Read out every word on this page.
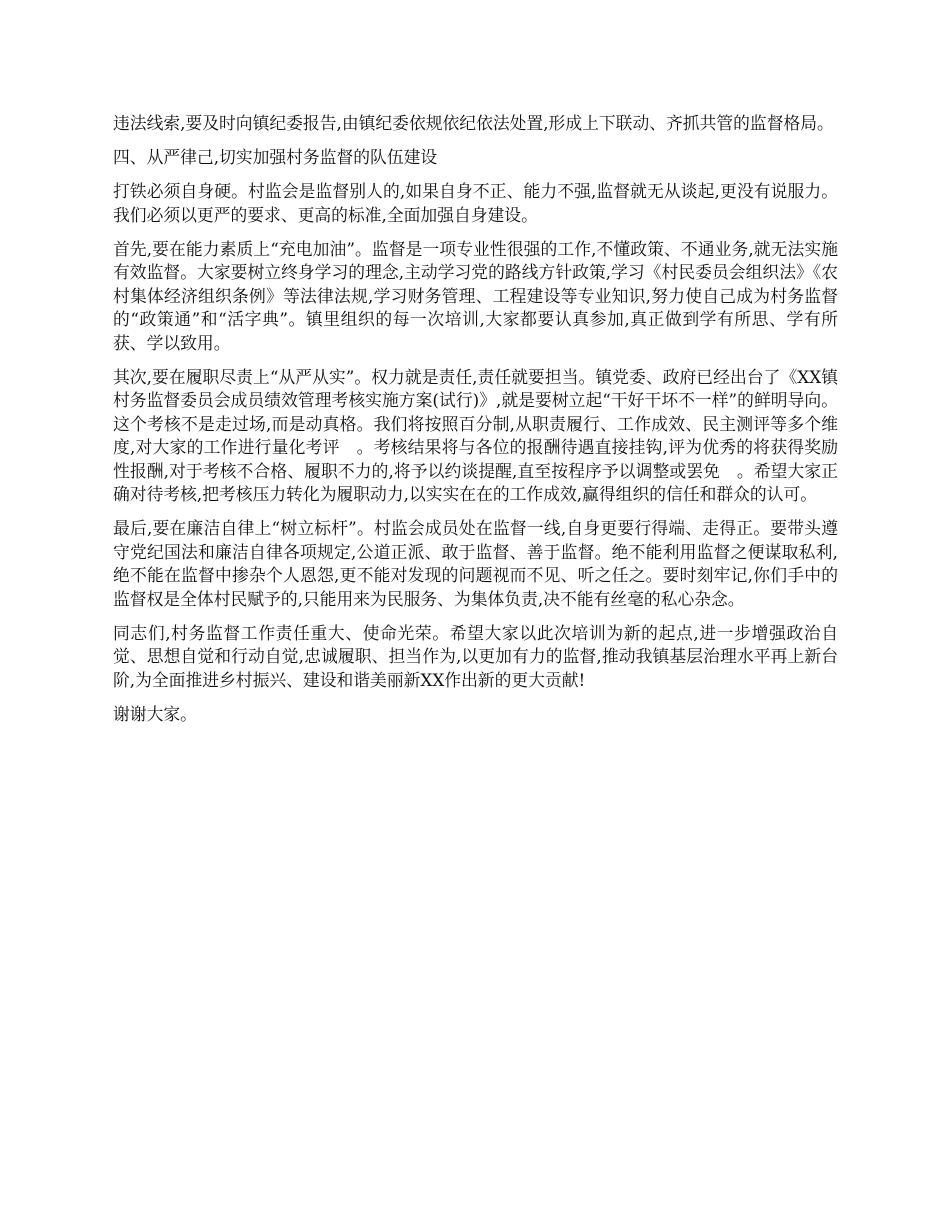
违法线索,要及时向镇纪委报告,由镇纪委依规依纪依法处置,形成上下联动、齐抓共管的监督格局。

四、从严律己,切实加强村务监督的队伍建设

打铁必须自身硬。村监会是监督别人的,如果自身不正、能力不强,监督就无从谈起,更没有说服力。我们必须以更严的要求、更高的标准,全面加强自身建设。

首先,要在能力素质上“充电加油”。监督是一项专业性很强的工作,不懂政策、不通业务,就无法实施有效监督。大家要树立终身学习的理念,主动学习党的路线方针政策,学习《村民委员会组织法》《农村集体经济组织条例》等法律法规,学习财务管理、工程建设等专业知识,努力使自己成为村务监督的“政策通”和“活字典”。镇里组织的每一次培训,大家都要认真参加,真正做到学有所思、学有所获、学以致用。

其次,要在履职尽责上“从严从实”。权力就是责任,责任就要担当。镇党委、政府已经出台了《XX镇村务监督委员会成员绩效管理考核实施方案(试行)》,就是要树立起“干好干坏不一样”的鲜明导向。这个考核不是走过场,而是动真格。我们将按照百分制,从职责履行、工作成效、民主测评等多个维度,对大家的工作进行量化考评　。考核结果将与各位的报酬待遇直接挂钩,评为优秀的将获得奖励性报酬,对于考核不合格、履职不力的,将予以约谈提醒,直至按程序予以调整或罢免　。希望大家正确对待考核,把考核压力转化为履职动力,以实实在在的工作成效,赢得组织的信任和群众的认可。

最后,要在廉洁自律上“树立标杆”。村监会成员处在监督一线,自身更要行得端、走得正。要带头遵守党纪国法和廉洁自律各项规定,公道正派、敢于监督、善于监督。绝不能利用监督之便谋取私利,绝不能在监督中掺杂个人恩怨,更不能对发现的问题视而不见、听之任之。要时刻牢记,你们手中的监督权是全体村民赋予的,只能用来为民服务、为集体负责,决不能有丝毫的私心杂念。

同志们,村务监督工作责任重大、使命光荣。希望大家以此次培训为新的起点,进一步增强政治自觉、思想自觉和行动自觉,忠诚履职、担当作为,以更加有力的监督,推动我镇基层治理水平再上新台阶,为全面推进乡村振兴、建设和谐美丽新XX作出新的更大贡献!

谢谢大家。
